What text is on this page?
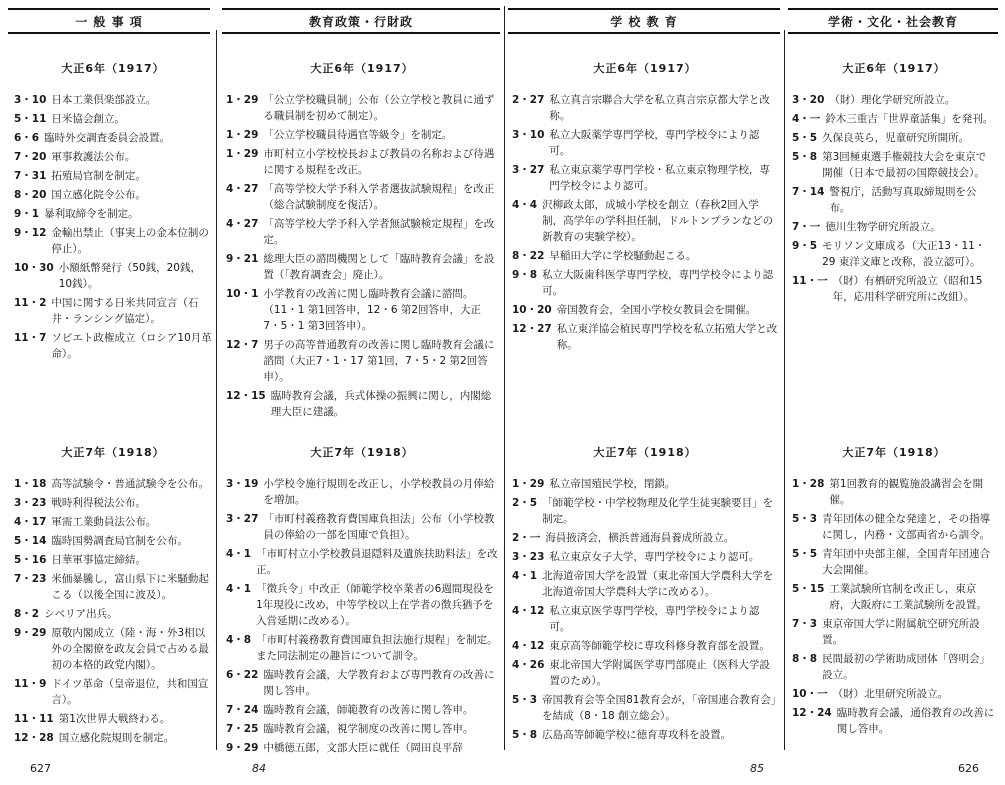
一 般 事 項	教育政策・行財政	学 校 教 育	学術・文化・社会教育
大正6年（1917）
3・10 日本工業倶楽部設立。
5・11 日米協会創立。
6・6 臨時外交調査委員会設置。
7・20 軍事救護法公布。
7・31 拓殖局官制を制定。
8・20 国立感化院令公布。
9・1 暴利取締令を制定。
9・12 金輸出禁止（事実上の金本位制の停止）。
10・30 小額紙幣発行（50銭，20銭，10銭）。
11・2 中国に関する日米共同宣言（石井・ランシング協定）。
11・7 ソビエト政権成立（ロシア10月革命）。
大正6年（1917）
1・29 「公立学校職員制」公布（公立学校と教員に通ずる職員制を初めて制定）。
1・29 「公立学校職員待遇官等級令」を制定。
1・29 市町村立小学校校長および教員の名称および待遇に関する規程を改正。
4・27 「高等学校大学予科入学者選抜試験規程」を改正（総合試験制度を復活）。
4・27 「高等学校大学予科入学者無試験検定規程」を改定。
9・21 総理大臣の諮問機関として「臨時教育会議」を設置（「教育調査会」廃止）。
10・1 小学教育の改善に関し臨時教育会議に諮問。（11・1 第1回答申，12・6 第2回答申，大正7・5・1 第3回答申）。
12・7 男子の高等普通教育の改善に関し臨時教育会議に諮問（大正7・1・17 第1回，7・5・2 第2回答申）。
12・15 臨時教育会議，兵式体操の振興に関し，内閣総理大臣に建議。
大正6年（1917）
2・27 私立真言宗聯合大学を私立真言宗京都大学と改称。
3・10 私立大阪薬学専門学校，専門学校令により認可。
3・27 私立東京薬学専門学校・私立東京物理学校，専門学校令により認可。
4・4 沢柳政太郎，成城小学校を創立（春秋2回入学制，高学年の学科担任制，ドルトンプランなどの新教育の実験学校）。
8・22 早稲田大学に学校騒動起こる。
9・8 私立大阪歯科医学専門学校，専門学校令により認可。
10・20 帝国教育会，全国小学校女教員会を開催。
12・27 私立東洋協会植民専門学校を私立拓殖大学と改称。
大正6年（1917）
3・20 （財）理化学研究所設立。
4・一 鈴木三重吉「世界童話集」を発刊。
5・5 久保良英ら，児童研究所開所。
5・8 第3回極東選手権競技大会を東京で開催（日本で最初の国際競技会）。
7・14 警視庁，活動写真取締規則を公布。
7・一 徳川生物学研究所設立。
9・5 モリソン文庫成る（大正13・11・29 東洋文庫と改称，設立認可）。
11・一 （財）有栖研究所設立（昭和15年，応用科学研究所に改組）。
大正7年（1918）
1・18 高等試験令・普通試験令を公布。
3・23 戦時利得税法公布。
4・17 軍需工業動員法公布。
5・14 臨時国勢調査局官制を公布。
5・16 日華軍事協定締結。
7・23 米価暴騰し，富山県下に米騒動起こる（以後全国に波及）。
8・2 シベリア出兵。
9・29 原敬内閣成立（陸・海・外3相以外の全閣僚を政友会員で占める最初の本格的政党内閣）。
11・9 ドイツ革命（皇帝退位，共和国宣言）。
11・11 第1次世界大戦終わる。
12・28 国立感化院規則を制定。
大正7年（1918）
3・19 小学校令施行規則を改正し，小学校教員の月俸給を増加。
3・27 「市町村義務教育費国庫負担法」公布（小学校教員の俸給の一部を国庫で負担）。
4・1 「市町村立小学校教員退隠料及遺族扶助料法」を改正。
4・1 「徴兵令」中改正（師範学校卒業者の6週間現役を1年現役に改め，中等学校以上在学者の徴兵猶予を入営延期に改める）。
4・8 「市町村義務教育費国庫負担法施行規程」を制定。また同法制定の趣旨について訓令。
6・22 臨時教育会議，大学教育および専門教育の改善に関し答申。
7・24 臨時教育会議，師範教育の改善に関し答申。
7・25 臨時教育会議，視学制度の改善に関し答申。
9・29 中橋徳五郎，文部大臣に就任（岡田良平辞
大正7年（1918）
1・29 私立帝国殖民学校，閉鎖。
2・5 「師範学校・中学校物理及化学生徒実験要目」を制定。
2・一 海員掖済会，横浜普通海員養成所設立。
3・23 私立東京女子大学，専門学校令により認可。
4・1 北海道帝国大学を設置（東北帝国大学農科大学を北海道帝国大学農科大学に改める）。
4・12 私立東京医学専門学校，専門学校令により認可。
4・12 東京高等師範学校に専攻科修身教育部を設置。
4・26 東北帝国大学附属医学専門部廃止（医科大学設置のため）。
5・3 帝国教育会等全国81教育会が，「帝国連合教育会」を結成（8・18 創立総会）。
5・8 広島高等師範学校に徳育専攻科を設置。
大正7年（1918）
1・28 第1回教育的観覧施設講習会を開催。
5・3 青年団体の健全な発達と，その指導に関し，内務・文部両省から訓令。
5・5 青年団中央部主催，全国青年団連合大会開催。
5・15 工業試験所官制を改正し，東京府，大阪府に工業試験所を設置。
7・3 東京帝国大学に附属航空研究所設置。
8・8 民間最初の学術助成団体「啓明会」設立。
10・一 （財）北里研究所設立。
12・24 臨時教育会議，通俗教育の改善に関し答申。
627	84	85	626
